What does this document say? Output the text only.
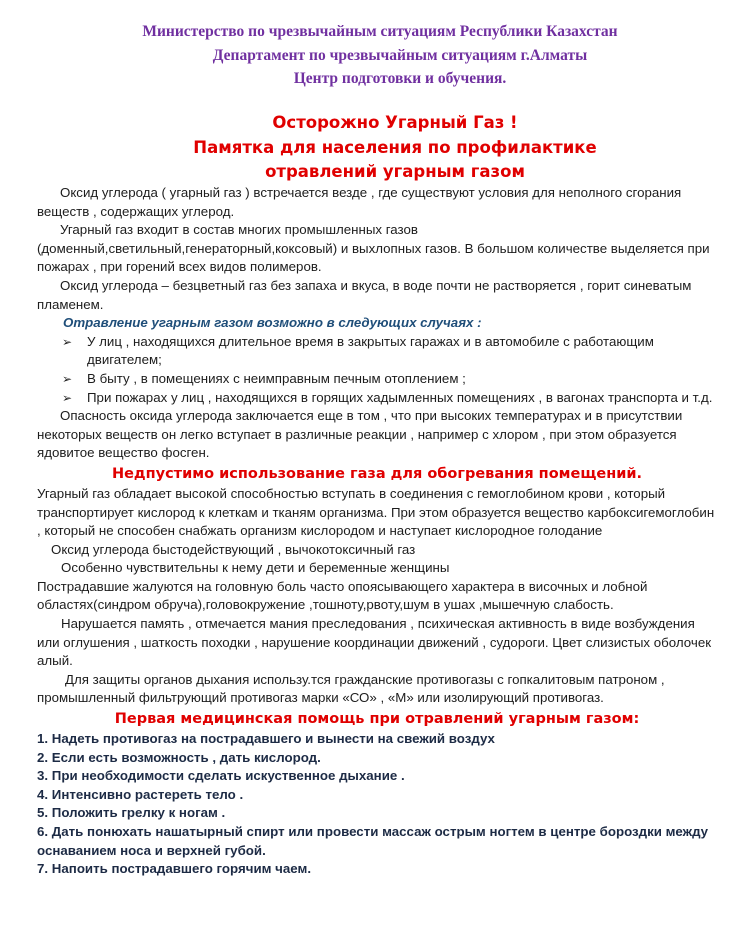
Министерство по чрезвычайным ситуациям Республики Казахстан
Департамент по чрезвычайным ситуациям г.Алматы
Центр подготовки и обучения.
Осторожно Угарный Газ !
Памятка для населения по профилактике
отравлений угарным газом

Оксид углерода ( угарный газ ) встречается везде , где существуют условия для неполного сгорания веществ , содержащих углерод.

Угарный газ входит в состав многих промышленных газов (доменный,светильный,генераторный,коксовый) и выхлопных газов. В большом количестве выделяется при пожарах , при горений всех видов полимеров.

Оксид углерода – безцветный газ без запаха и вкуса, в воде почти не растворяется , горит синеватым пламенем.

Отравление угарным газом возможно в следующих случаях :
➢ У лиц , находящихся длительное время в закрытых гаражах и в автомобиле с работающим двигателем;
➢ В быту , в помещениях с неимправным печным отоплением ;
➢ При пожарах у лиц , находящихся в горящих хадымленных помещениях , в вагонах транспорта и т.д.

Опасность оксида углерода заключается еще в том , что при высоких температурах и в присутствии некоторых веществ он легко вступает в различные реакции , например с хлором , при этом образуется ядовитое вещество фосген.

Недпустимо использование газа для обогревания помещений.

Угарный газ обладает высокой способностью вступать в соединения с гемоглобином крови , который транспортирует кислород к клеткам и тканям организма. При этом образуется вещество карбоксигемоглобин , который не способен снабжать организм кислородом и наступает кислородное голодание

Оксид углерода быстодействующий , вычокотоксичный газ

Особенно чувствительны к нему дети и беременные женщины

Пострадавшие жалуются на головную боль часто опоясывающего характера в височных и лобной областях(синдром обруча),головокружение ,тошноту,рвоту,шум в ушах ,мышечную слабость.

Нарушается память , отмечается мания преследования , психическая активность в виде возбуждения или оглушения , шаткость походки , нарушение координации движений , судороги. Цвет слизистых оболочек алый.

Для защиты органов дыхания использу.тся гражданские противогазы с гопкалитовым патроном , промышленный фильтрующий противогаз марки «СО» , «М» или изолирующий противогаз.

Первая медицинская помощь при отравлений угарным газом:
1. Надеть противогаз на пострадавшего и вынести на свежий воздух
2. Если есть возможность , дать кислород.
3. При необходимости сделать искуственное дыхание .
4. Интенсивно растереть тело .
5. Положить грелку к ногам .
6. Дать понюхать нашатырный спирт или провести массаж острым ногтем в центре бороздки между оснаванием носа и верхней губой.
7. Напоить пострадавшего горячим чаем.
